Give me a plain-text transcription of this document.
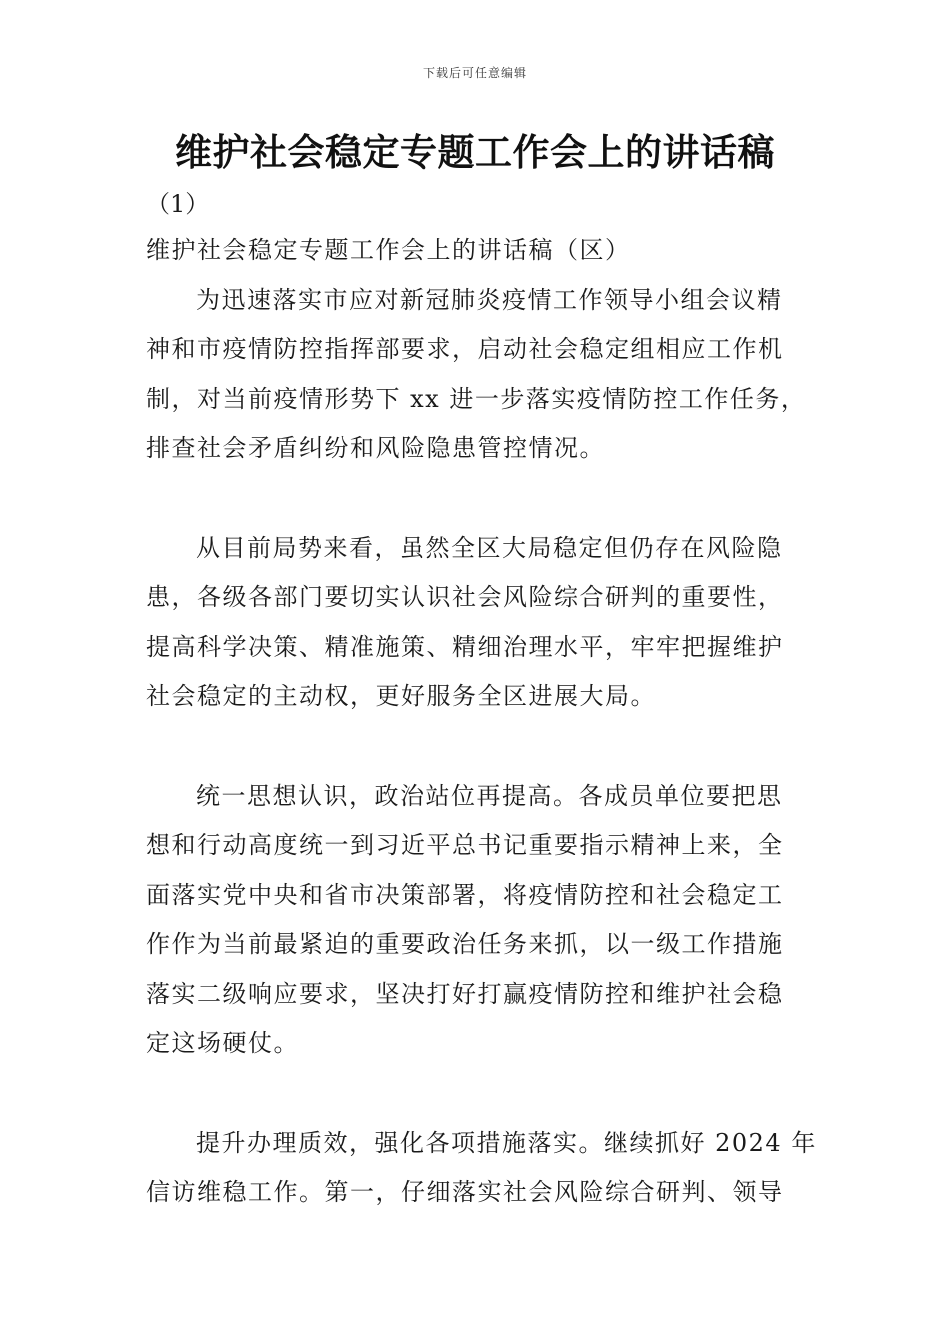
下载后可任意编辑
维护社会稳定专题工作会上的讲话稿
（1）
维护社会稳定专题工作会上的讲话稿（区）
为迅速落实市应对新冠肺炎疫情工作领导小组会议精
神和市疫情防控指挥部要求，启动社会稳定组相应工作机
制，对当前疫情形势下 xx 进一步落实疫情防控工作任务，
排查社会矛盾纠纷和风险隐患管控情况。
从目前局势来看，虽然全区大局稳定但仍存在风险隐
患，各级各部门要切实认识社会风险综合研判的重要性，
提高科学决策、精准施策、精细治理水平，牢牢把握维护
社会稳定的主动权，更好服务全区进展大局。
统一思想认识，政治站位再提高。各成员单位要把思
想和行动高度统一到习近平总书记重要指示精神上来，全
面落实党中央和省市决策部署，将疫情防控和社会稳定工
作作为当前最紧迫的重要政治任务来抓，以一级工作措施
落实二级响应要求，坚决打好打赢疫情防控和维护社会稳
定这场硬仗。
提升办理质效，强化各项措施落实。继续抓好 2024 年
信访维稳工作。第一，仔细落实社会风险综合研判、领导
